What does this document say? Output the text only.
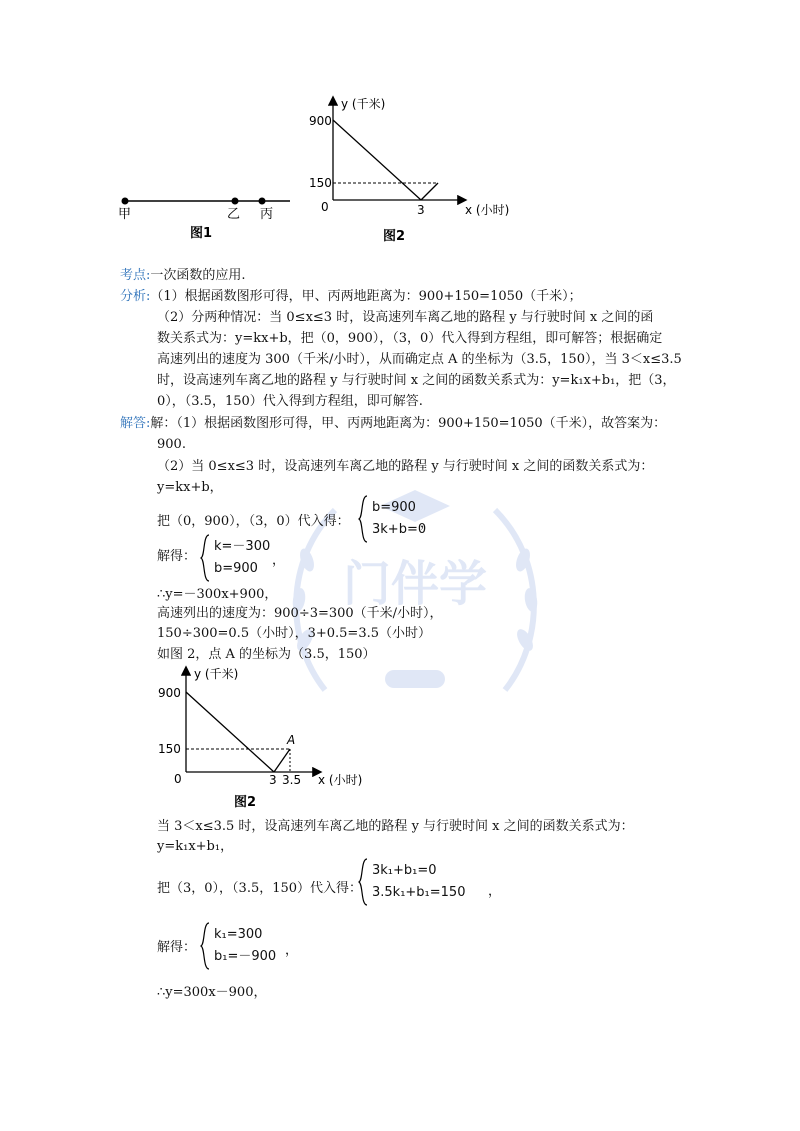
门伴学
甲	乙 丙
图1
y (千米)
900
150
0	3	x (小时)
图2
考点:一次函数的应用.
分析:（1）根据函数图形可得，甲、丙两地距离为：900+150=1050（千米）；
（2）分两种情况：当 0≤x≤3 时，设高速列车离乙地的路程 y 与行驶时间 x 之间的函
数关系式为：y=kx+b，把（0，900），（3，0）代入得到方程组，即可解答；根据确定
高速列出的速度为 300（千米/小时），从而确定点 A 的坐标为（3.5，150），当 3＜x≤3.5
时，设高速列车离乙地的路程 y 与行驶时间 x 之间的函数关系式为：y=k₁x+b₁，把（3，
0），（3.5，150）代入得到方程组，即可解答.
解答:解：（1）根据函数图形可得，甲、丙两地距离为：900+150=1050（千米），故答案为：
900.
（2）当 0≤x≤3 时，设高速列车离乙地的路程 y 与行驶时间 x 之间的函数关系式为：
y=kx+b，
把（0，900），（3，0）代入得：
b=900
3k+b=0
，
解得：
k=－300
b=900
，
∴y=－300x+900，
高速列出的速度为：900÷3=300（千米/小时），
150÷300=0.5（小时），3+0.5=3.5（小时）
如图 2，点 A 的坐标为（3.5，150）
y (千米)
900
150
0	3 3.5
A
x (小时)
图2
当 3＜x≤3.5 时，设高速列车离乙地的路程 y 与行驶时间 x 之间的函数关系式为：
y=k₁x+b₁，
把（3，0），（3.5，150）代入得：
3k₁+b₁=0
3.5k₁+b₁=150 ，
解得：
k₁=300
b₁=－900 ，
∴y=300x－900，
